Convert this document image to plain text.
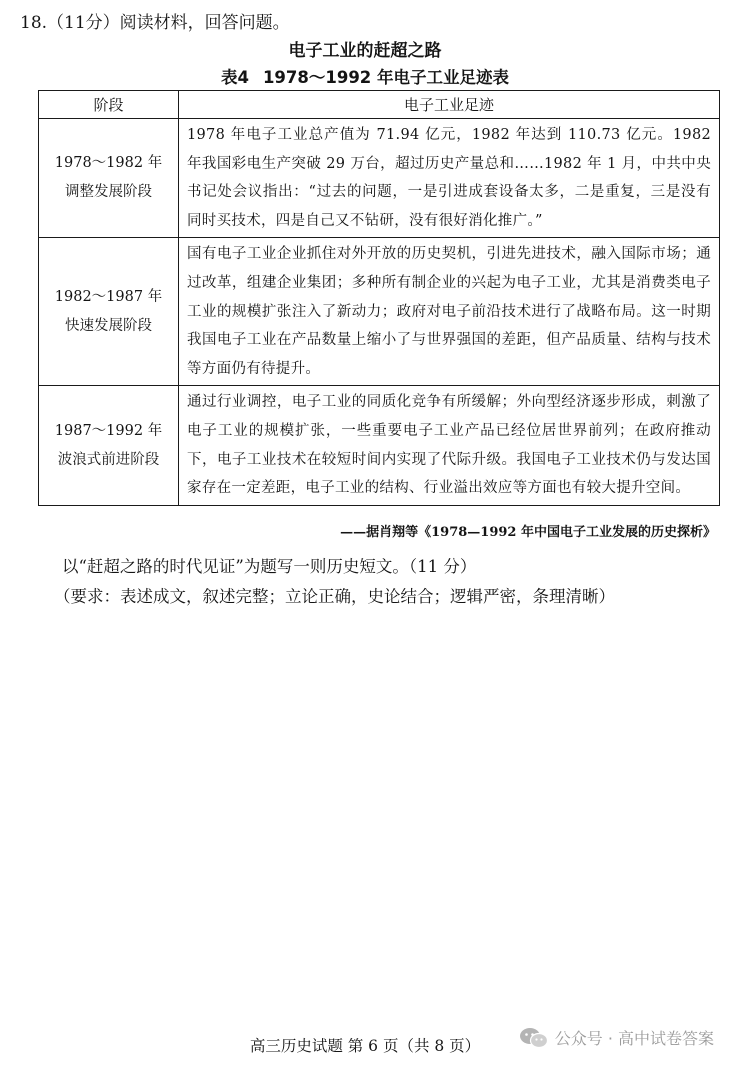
18.（11分）阅读材料，回答问题。
电子工业的赶超之路
表4 1978～1992 年电子工业足迹表
阶段	电子工业足迹

1978～1982 年
调整发展阶段	1978 年电子工业总产值为 71.94 亿元，1982 年达到 110.73 亿元。1982 年我国彩电生产突破 29 万台，超过历史产量总和……1982 年 1 月，中共中央书记处会议指出：“过去的问题，一是引进成套设备太多，二是重复，三是没有同时买技术，四是自己又不钻研，没有很好消化推广。”

1982～1987 年
快速发展阶段	国有电子工业企业抓住对外开放的历史契机，引进先进技术，融入国际市场；通过改革，组建企业集团；多种所有制企业的兴起为电子工业，尤其是消费类电子工业的规模扩张注入了新动力；政府对电子前沿技术进行了战略布局。这一时期我国电子工业在产品数量上缩小了与世界强国的差距，但产品质量、结构与技术等方面仍有待提升。

1987～1992 年
波浪式前进阶段	通过行业调控，电子工业的同质化竞争有所缓解；外向型经济逐步形成，刺激了电子工业的规模扩张，一些重要电子工业产品已经位居世界前列；在政府推动下，电子工业技术在较短时间内实现了代际升级。我国电子工业技术仍与发达国家存在一定差距，电子工业的结构、行业溢出效应等方面也有较大提升空间。
——据肖翔等《1978—1992 年中国电子工业发展的历史探析》
以“赶超之路的时代见证”为题写一则历史短文。（11 分）
（要求：表述成文，叙述完整；立论正确，史论结合；逻辑严密，条理清晰）
高三历史试题 第 6 页（共 8 页）	公众号 · 高中试卷答案
